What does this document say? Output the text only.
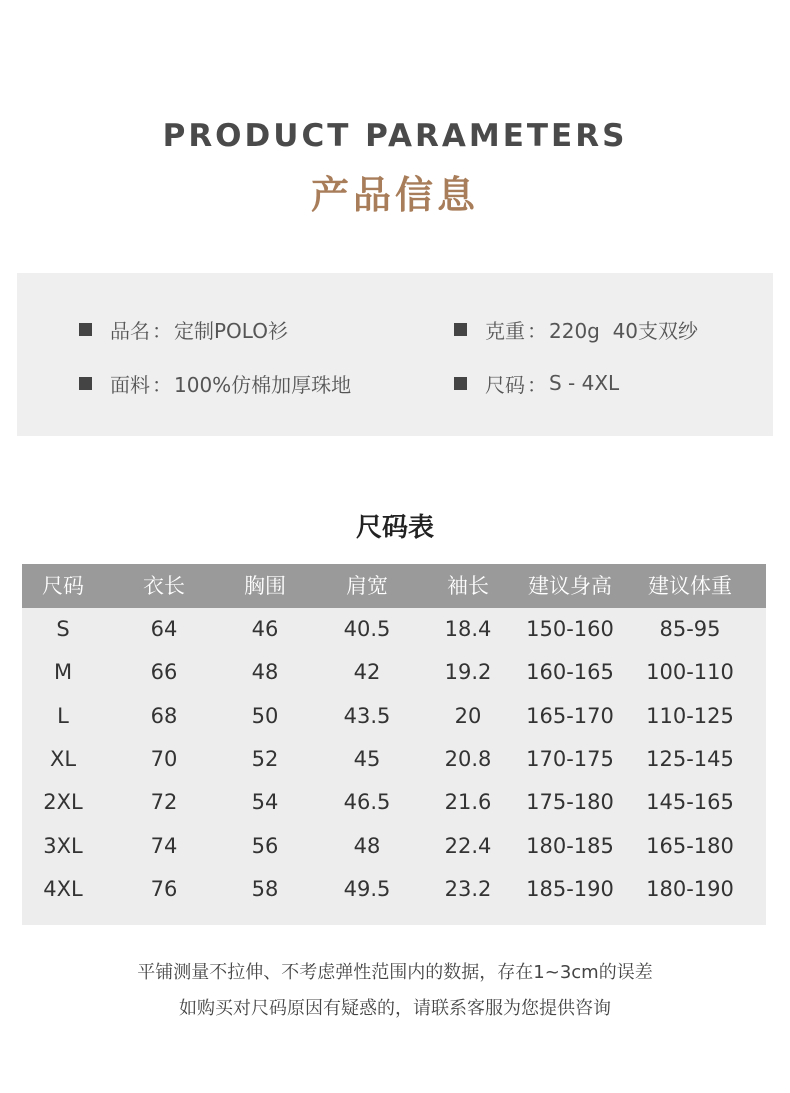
PRODUCT PARAMETERS
产品信息
品名 ： 定制POLO衫	克重 ： 220g  40支双纱
面料 ： 100%仿棉加厚珠地	尺码 ： S - 4XL
尺码表
尺码	衣长	胸围	肩宽	袖长	建议身高	建议体重
S	64	46	40.5	18.4	150-160	85-95
M	66	48	42	19.2	160-165	100-110
L	68	50	43.5	20	165-170	110-125
XL	70	52	45	20.8	170-175	125-145
2XL	72	54	46.5	21.6	175-180	145-165
3XL	74	56	48	22.4	180-185	165-180
4XL	76	58	49.5	23.2	185-190	180-190
平铺测量不拉伸、不考虑弹性范围内的数据，存在1~3cm的误差
如购买对尺码原因有疑惑的，请联系客服为您提供咨询
